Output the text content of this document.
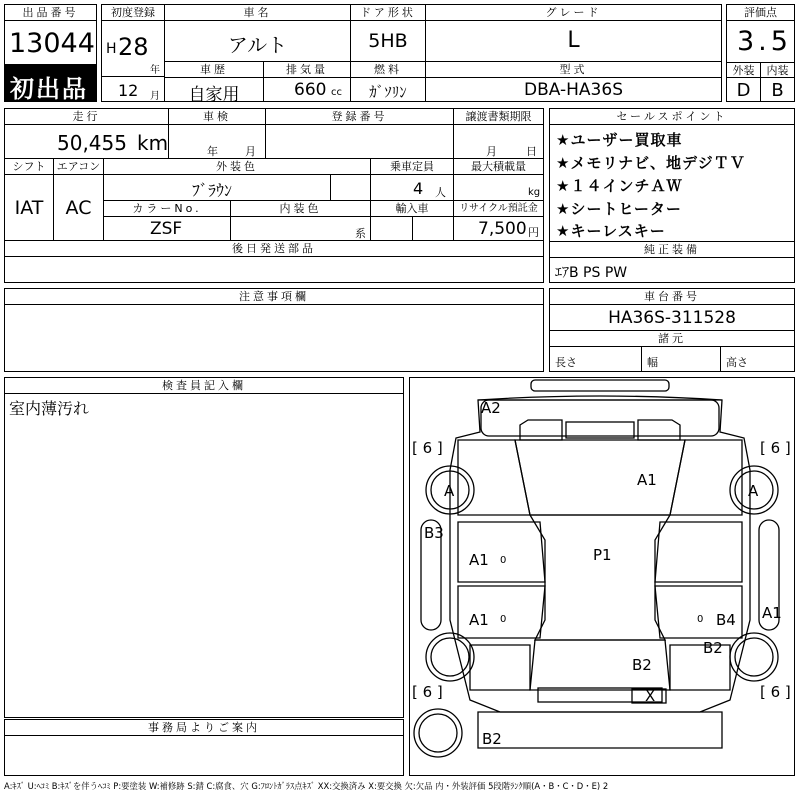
出品番号
13044
初出品
初度登録
H 28
年
12 月
車名
アルト
ドア形状
5HB
グレード
L
評価点
3.5
外装	内装
D	B
車歴
自家用
排気量
660 cc
燃料
ｶﾞｿﾘﾝ
型式
DBA-HA36S
走行
50,455 km
車検
年 月
登録番号	譲渡書類期限
月	日
シフト
IAT
エアコン
AC
外装色
ﾌﾞﾗｳﾝ
乗車定員
4 人
最大積載量
kg
カラーNo.
ZSF
内装色
系
輸入車	リサイクル預託金
7,500 円
後日発送部品
セールスポイント
★ユーザー買取車
★メモリナビ、地デジＴＶ
★１４インチＡＷ
★シートヒーター
★キーレスキー
純正装備
ｴｱB PS PW
注意事項欄	車台番号
HA36S-311528
諸元
長さ	幅	高さ
検査員記入欄
室内薄汚れ
事務局よりご案内
A2
A1
P1
A1
A1
B3
B4 A1
B2
B2
B2
X
A	A
[ 6 ]	[ 6 ]
[ 6 ]	[ 6 ]
0
0	0
A:ｷｽﾞ U:ﾍｺﾐ B:ｷｽﾞを伴うﾍｺﾐ P:要塗装 W:補修跡 S:錆 C:腐食、穴 G:ﾌﾛﾝﾄｶﾞﾗｽ点ｷｽﾞ XX:交換済み X:要交換 欠:欠品 内・外装評価 5段階ﾗﾝｸ順(A・B・C・D・E) 2
